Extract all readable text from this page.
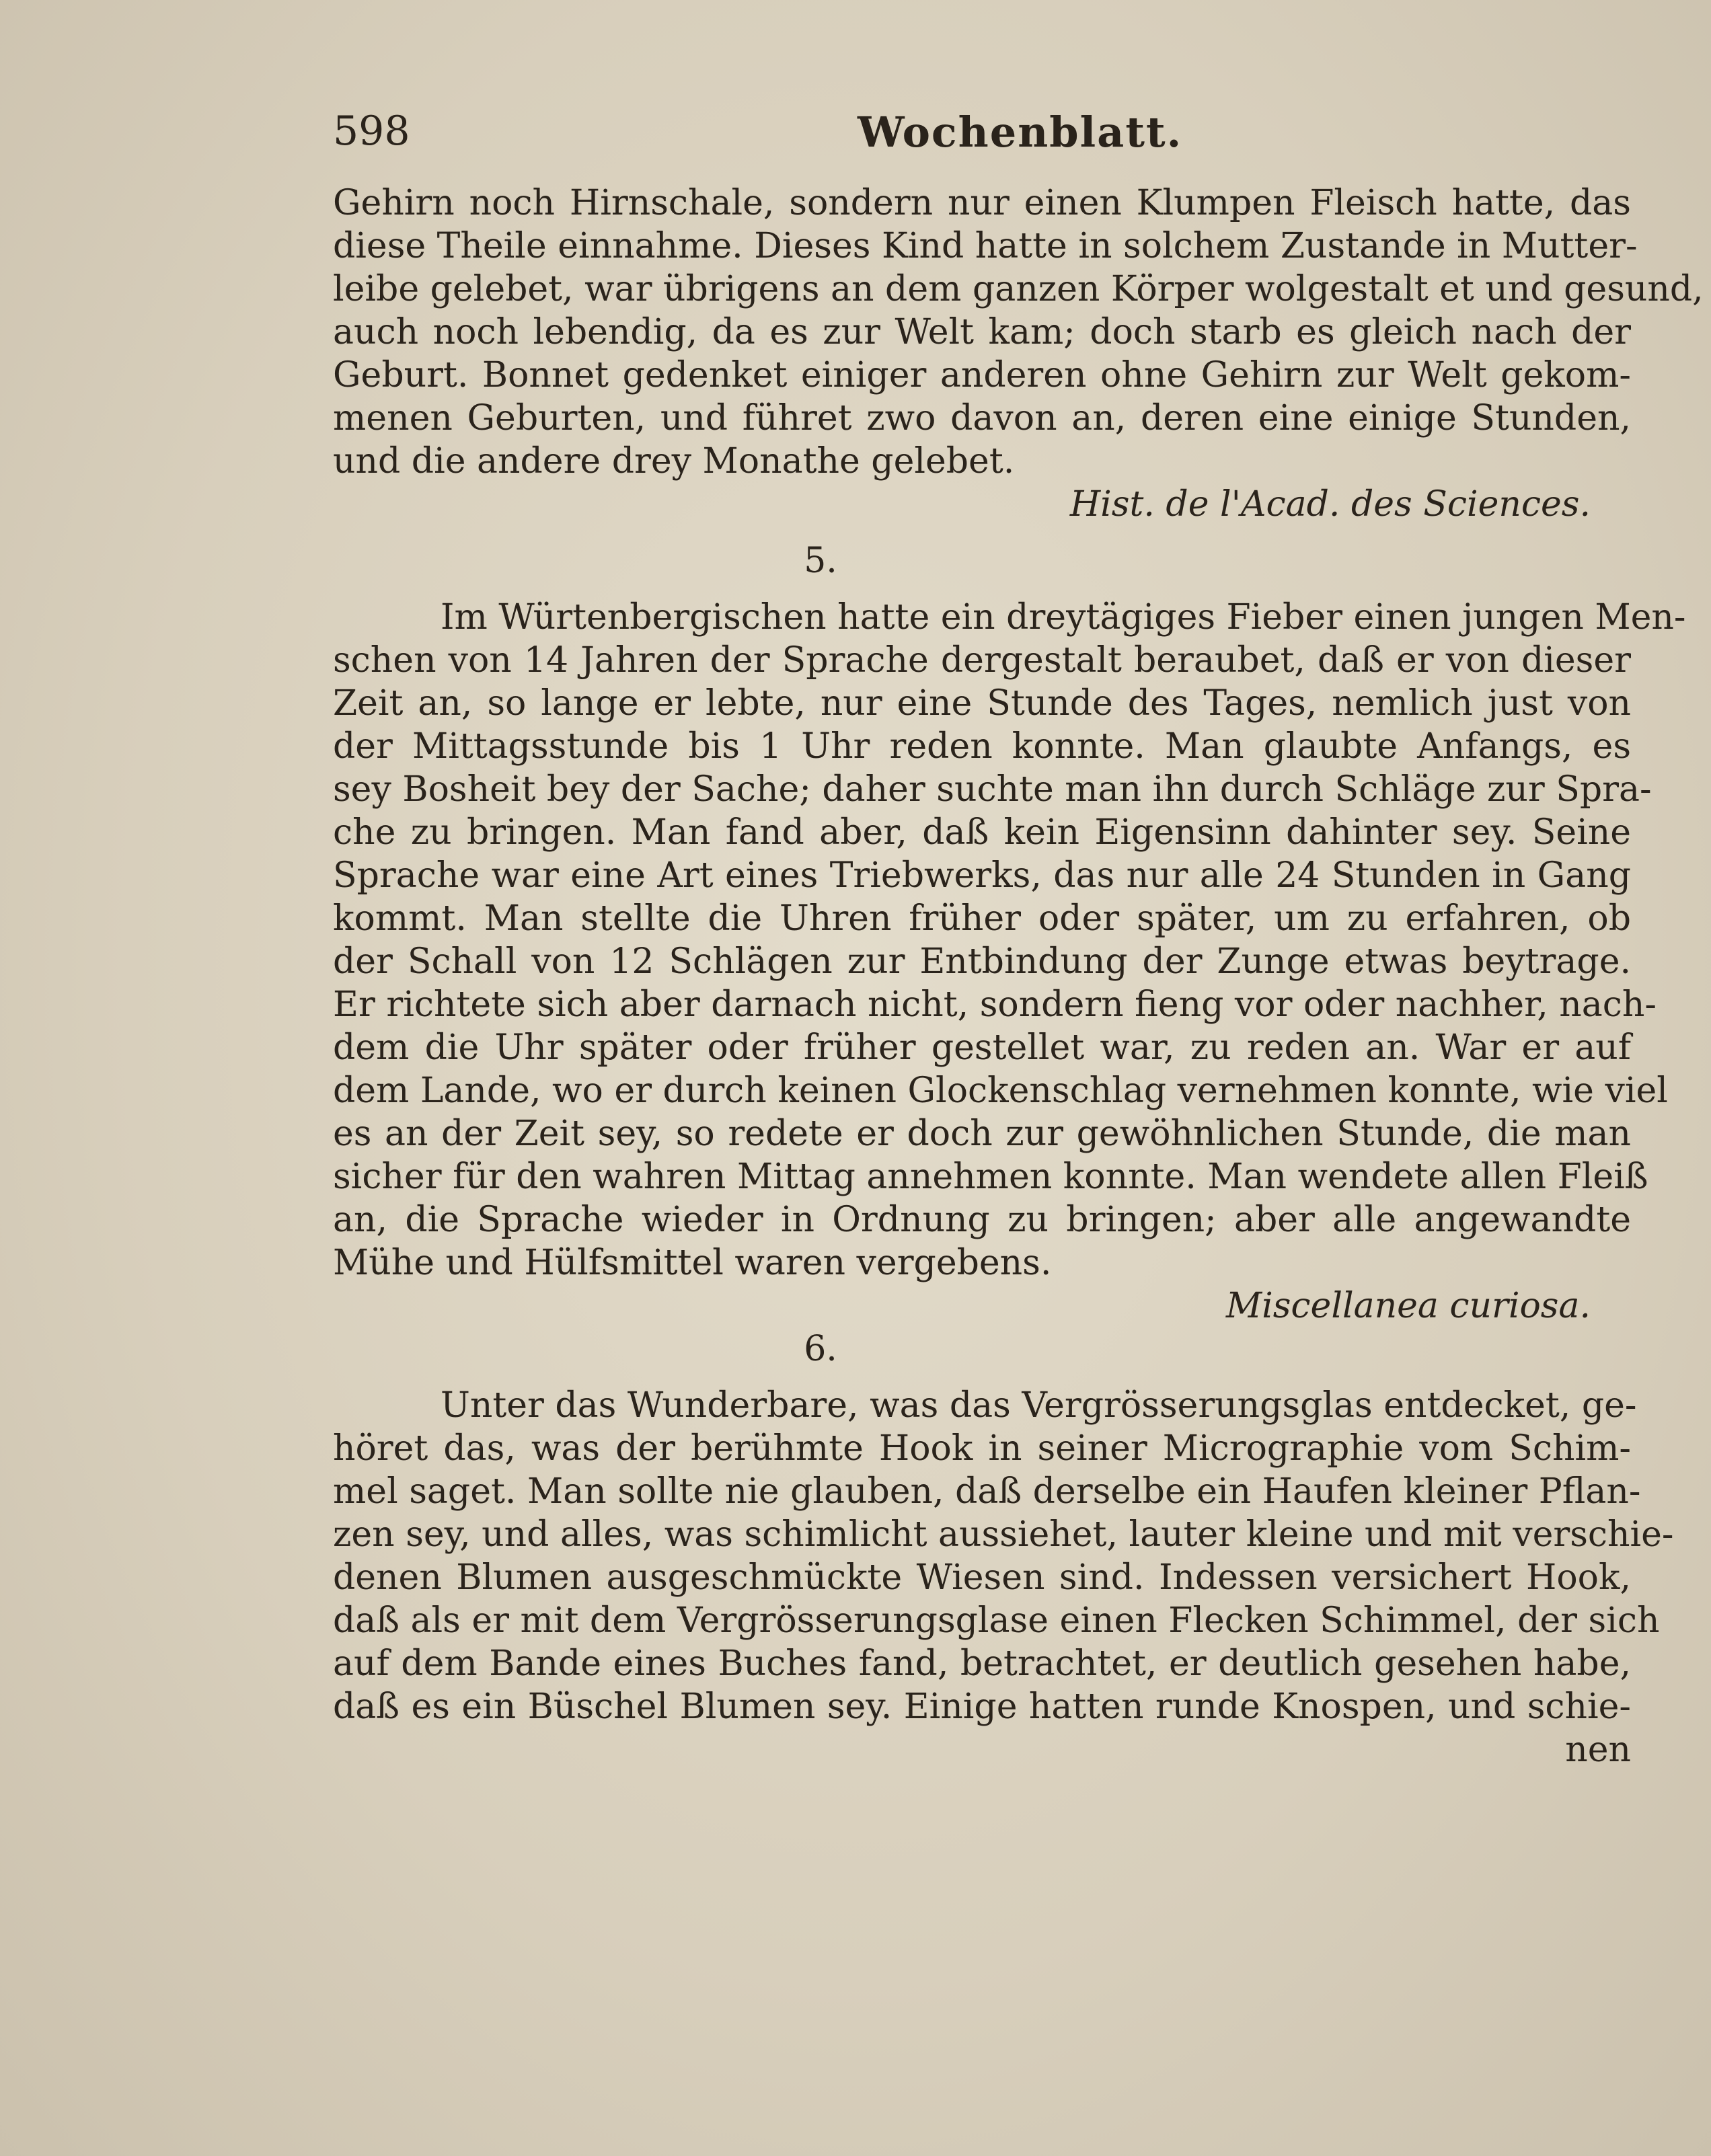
598	Wochenblatt.
Gehirn noch Hirnschale, sondern nur einen Klumpen Fleisch hatte, das
diese Theile einnahme. Dieses Kind hatte in solchem Zustande in Mutter-
leibe gelebet, war übrigens an dem ganzen Körper wolgestalt et und gesund,
auch noch lebendig, da es zur Welt kam; doch starb es gleich nach der
Geburt. Bonnet gedenket einiger anderen ohne Gehirn zur Welt gekom-
menen Geburten, und führet zwo davon an, deren eine einige Stunden,
und die andere drey Monathe gelebet.
Hist. de l'Acad. des Sciences.
5.
Im Würtenbergischen hatte ein dreytägiges Fieber einen jungen Men-
schen von 14 Jahren der Sprache dergestalt beraubet, daß er von dieser
Zeit an, so lange er lebte, nur eine Stunde des Tages, nemlich just von
der Mittagsstunde bis 1 Uhr reden konnte. Man glaubte Anfangs, es
sey Bosheit bey der Sache; daher suchte man ihn durch Schläge zur Spra-
che zu bringen. Man fand aber, daß kein Eigensinn dahinter sey. Seine
Sprache war eine Art eines Triebwerks, das nur alle 24 Stunden in Gang
kommt. Man stellte die Uhren früher oder später, um zu erfahren, ob
der Schall von 12 Schlägen zur Entbindung der Zunge etwas beytrage.
Er richtete sich aber darnach nicht, sondern fieng vor oder nachher, nach-
dem die Uhr später oder früher gestellet war, zu reden an. War er auf
dem Lande, wo er durch keinen Glockenschlag vernehmen konnte, wie viel
es an der Zeit sey, so redete er doch zur gewöhnlichen Stunde, die man
sicher für den wahren Mittag annehmen konnte. Man wendete allen Fleiß
an, die Sprache wieder in Ordnung zu bringen; aber alle angewandte
Mühe und Hülfsmittel waren vergebens.
Miscellanea curiosa.
6.
Unter das Wunderbare, was das Vergrösserungsglas entdecket, ge-
höret das, was der berühmte Hook in seiner Micrographie vom Schim-
mel saget. Man sollte nie glauben, daß derselbe ein Haufen kleiner Pflan-
zen sey, und alles, was schimlicht aussiehet, lauter kleine und mit verschie-
denen Blumen ausgeschmückte Wiesen sind. Indessen versichert Hook,
daß als er mit dem Vergrösserungsglase einen Flecken Schimmel, der sich
auf dem Bande eines Buches fand, betrachtet, er deutlich gesehen habe,
daß es ein Büschel Blumen sey. Einige hatten runde Knospen, und schie-
nen
